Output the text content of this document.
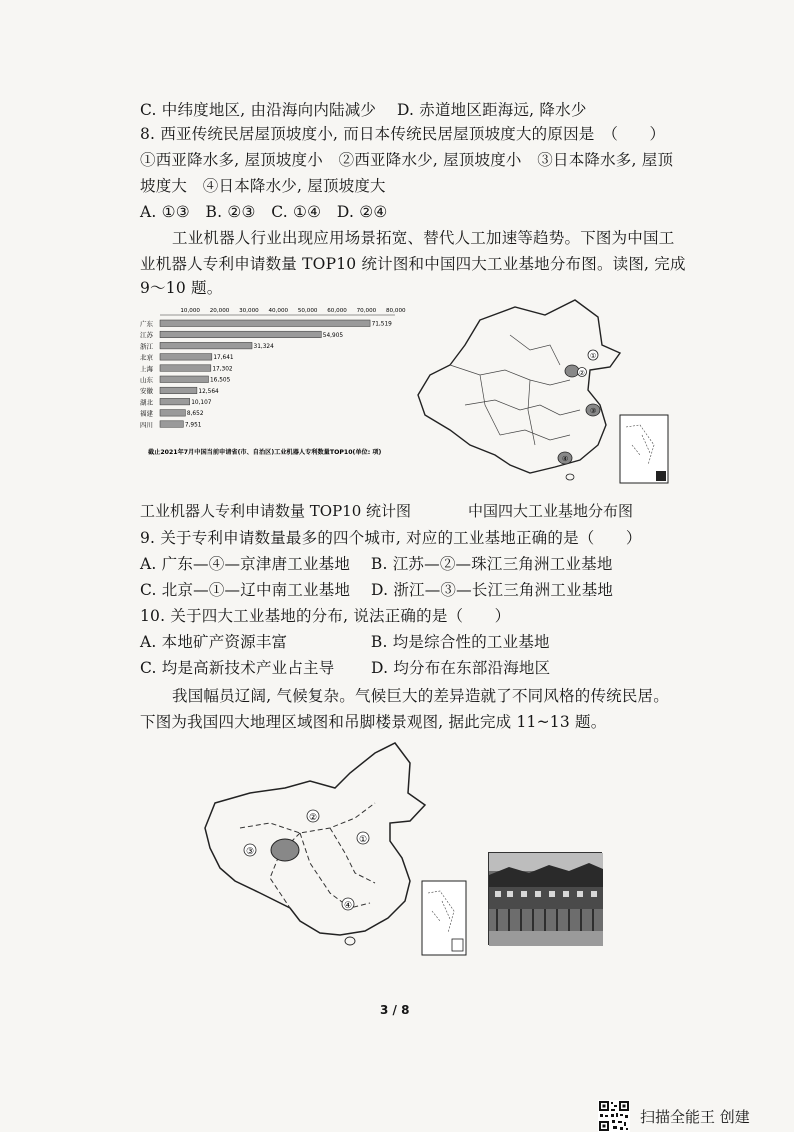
C. 中纬度地区, 由沿海向内陆减少　 D. 赤道地区距海远, 降水少
8. 西亚传统民居屋顶坡度小, 而日本传统民居屋顶坡度大的原因是　（　　）
①西亚降水多, 屋顶坡度小　②西亚降水少, 屋顶坡度小　③日本降水多, 屋顶
坡度大　④日本降水少, 屋顶坡度大
A. ①③　B. ②③　C. ①④　D. ②④
工业机器人行业出现应用场景拓宽、替代人工加速等趋势。下图为中国工
业机器人专利申请数量 TOP10 统计图和中国四大工业基地分布图。读图, 完成
9～10 题。
10,000 20,000 30,000 40,000 50,000 60,000 70,000 80,000
广东	71,519
江苏	54,905
浙江	31,324
北京	17,641
上海	17,302
山东	16,505
安徽	12,564
湖北	10,107
福建	8,652
四川	7,951
截止2021年7月中国当前申请省(市、自治区)工业机器人专利数量TOP10(单位: 项)
①
②
③
④
工业机器人专利申请数量 TOP10 统计图	中国四大工业基地分布图
9. 关于专利申请数量最多的四个城市, 对应的工业基地正确的是（　　）
A. 广东—④—京津唐工业基地　 B. 江苏—②—珠江三角洲工业基地
C. 北京—①—辽中南工业基地　 D. 浙江—③—长江三角洲工业基地
10. 关于四大工业基地的分布, 说法正确的是（　　）
A. 本地矿产资源丰富　　　　　 B. 均是综合性的工业基地
C. 均是高新技术产业占主导　　 D. 均分布在东部沿海地区
我国幅员辽阔, 气候复杂。气候巨大的差异造就了不同风格的传统民居。
下图为我国四大地理区域图和吊脚楼景观图, 据此完成 11~13 题。
①
②
③
④
3 / 8
扫描全能王 创建
